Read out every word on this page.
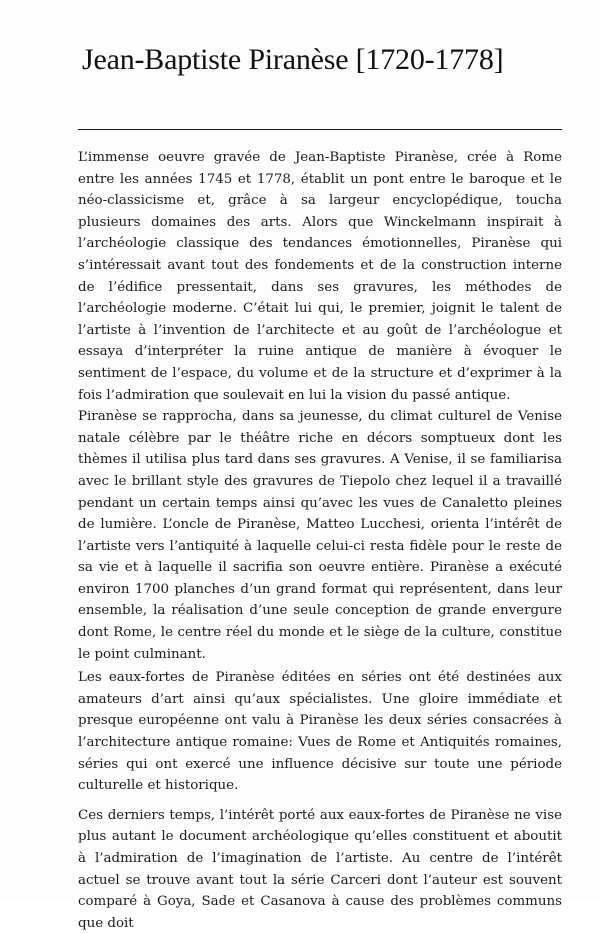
Jean-Baptiste Piranèse [1720-1778]

L’immense oeuvre gravée de Jean-Baptiste Piranèse, crée à Rome entre les années 1745 et 1778, établit un pont entre le baroque et le néo-classicisme et, grâce à sa largeur encyclopédique, toucha plusieurs domaines des arts. Alors que Winckelmann inspirait à l’archéologie classique des tendances émotionnelles, Piranèse qui s’intéressait avant tout des fondements et de la construction interne de l’édifice pressentait, dans ses gravures, les méthodes de l’archéologie moderne. C’était lui qui, le premier, joignit le talent de l’artiste à l’invention de l’architecte et au goût de l’archéologue et essaya d’interpréter la ruine antique de manière à évoquer le sentiment de l’espace, du volume et de la structure et d’exprimer à la fois l’admiration que soulevait en lui la vision du passé antique.

Piranèse se rapprocha, dans sa jeunesse, du climat culturel de Venise natale célèbre par le théâtre riche en décors somptueux dont les thèmes il utilisa plus tard dans ses gravures. A Venise, il se familiarisa avec le brillant style des gravures de Tiepolo chez lequel il a travaillé pendant un certain temps ainsi qu’avec les vues de Canaletto pleines de lumière. L’oncle de Piranèse, Matteo Lucchesi, orienta l’intérêt de l’artiste vers l’antiquité à laquelle celui-ci resta fidèle pour le reste de sa vie et à laquelle il sacrifia son oeuvre entière. Piranèse a exécuté environ 1700 planches d’un grand format qui représentent, dans leur ensemble, la réalisation d’une seule conception de grande envergure dont Rome, le centre réel du monde et le siège de la culture, constitue le point culminant.

Les eaux-fortes de Piranèse éditées en séries ont été destinées aux amateurs d’art ainsi qu’aux spécialistes. Une gloire immédiate et presque européenne ont valu à Piranèse les deux séries consacrées à l’architecture antique romaine: Vues de Rome et Antiquités romaines, séries qui ont exercé une influence décisive sur toute une période culturelle et historique.

Ces derniers temps, l’intérêt porté aux eaux-fortes de Piranèse ne vise plus autant le document archéologique qu’elles constituent et aboutit à l’admiration de l’imagination de l’artiste. Au centre de l’intérêt actuel se trouve avant tout la série Carceri dont l’auteur est souvent comparé à Goya, Sade et Casanova à cause des problèmes communs que doit
